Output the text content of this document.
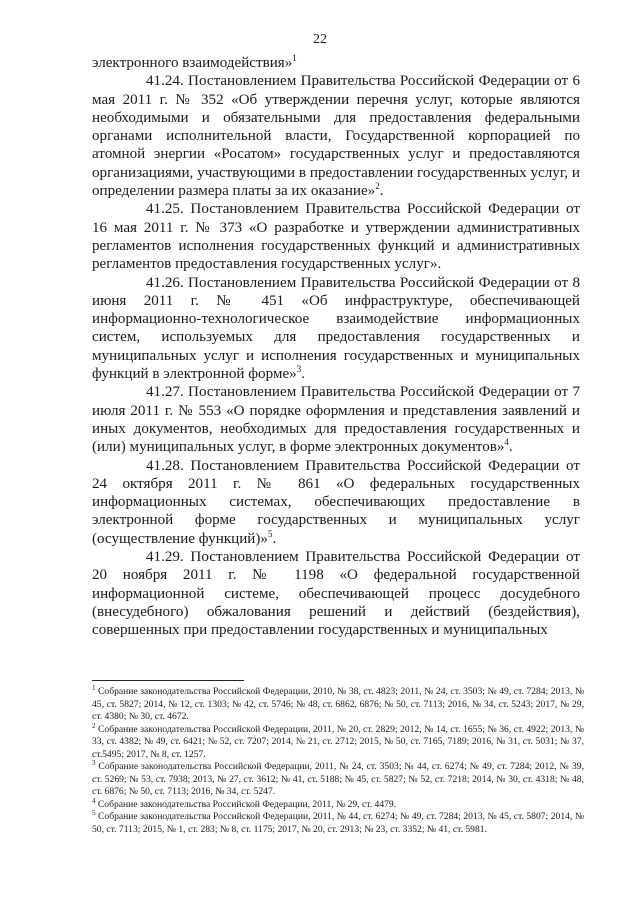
22

электронного взаимодействия»$^1$

41.24. Постановлением Правительства Российской Федерации от 6 мая 2011 г. № 352 «Об утверждении перечня услуг, которые являются необходимыми и обязательными для предоставления федеральными органами исполнительной власти, Государственной корпорацией по атомной энергии «Росатом» государственных услуг и предоставляются организациями, участвующими в предоставлении государственных услуг, и определении размера платы за их оказание»$^2$.

41.25. Постановлением Правительства Российской Федерации от 16 мая 2011 г. № 373 «О разработке и утверждении административных регламентов исполнения государственных функций и административных регламентов предоставления государственных услуг».

41.26. Постановлением Правительства Российской Федерации от 8 июня 2011 г. № 451 «Об инфраструктуре, обеспечивающей информационно-технологическое взаимодействие информационных систем, используемых для предоставления государственных и муниципальных услуг и исполнения государственных и муниципальных функций в электронной форме»$^3$.

41.27. Постановлением Правительства Российской Федерации от 7 июля 2011 г. № 553 «О порядке оформления и представления заявлений и иных документов, необходимых для предоставления государственных и (или) муниципальных услуг, в форме электронных документов»$^4$.

41.28. Постановлением Правительства Российской Федерации от 24 октября 2011 г. № 861 «О федеральных государственных информационных системах, обеспечивающих предоставление в электронной форме государственных и муниципальных услуг (осуществление функций)»$^5$.

41.29. Постановлением Правительства Российской Федерации от 20 ноября 2011 г. № 1198 «О федеральной государственной информационной системе, обеспечивающей процесс досудебного (внесудебного) обжалования решений и действий (бездействия), совершенных при предоставлении государственных и муниципальных

$^1$ Собрание законодательства Российской Федерации, 2010, № 38, ст. 4823; 2011, № 24, ст. 3503; № 49, ст. 7284; 2013, № 45, ст. 5827; 2014, № 12, ст. 1303; № 42, ст. 5746; № 48, ст. 6862, 6876; № 50, ст. 7113; 2016, № 34, ст. 5243; 2017, № 29, ст. 4380; № 30, ст. 4672.

$^2$ Собрание законодательства Российской Федерации, 2011, № 20, ст. 2829; 2012, № 14, ст. 1655; № 36, ст. 4922; 2013, № 33, ст. 4382; № 49, ст. 6421; № 52, ст. 7207; 2014, № 21, ст. 2712; 2015, № 50, ст. 7165, 7189; 2016, № 31, ст. 5031; № 37, ст.5495; 2017, № 8, ст. 1257.

$^3$ Собрание законодательства Российской Федерации, 2011, № 24, ст. 3503; № 44, ст. 6274; № 49, ст. 7284; 2012, № 39, ст. 5269; № 53, ст. 7938; 2013, № 27, ст. 3612; № 41, ст. 5188; № 45, ст. 5827; № 52, ст. 7218; 2014, № 30, ст. 4318; № 48, ст. 6876; № 50, ст. 7113; 2016, № 34, ст. 5247.

$^4$ Собрание законодательства Российской Федерации, 2011, № 29, ст. 4479.

$^5$ Собрание законодательства Российской Федерации, 2011, № 44, ст. 6274; № 49, ст. 7284; 2013, № 45, ст. 5807; 2014, № 50, ст. 7113; 2015, № 1, ст. 283; № 8, ст. 1175; 2017, № 20, ст. 2913; № 23, ст. 3352; № 41, ст. 5981.
